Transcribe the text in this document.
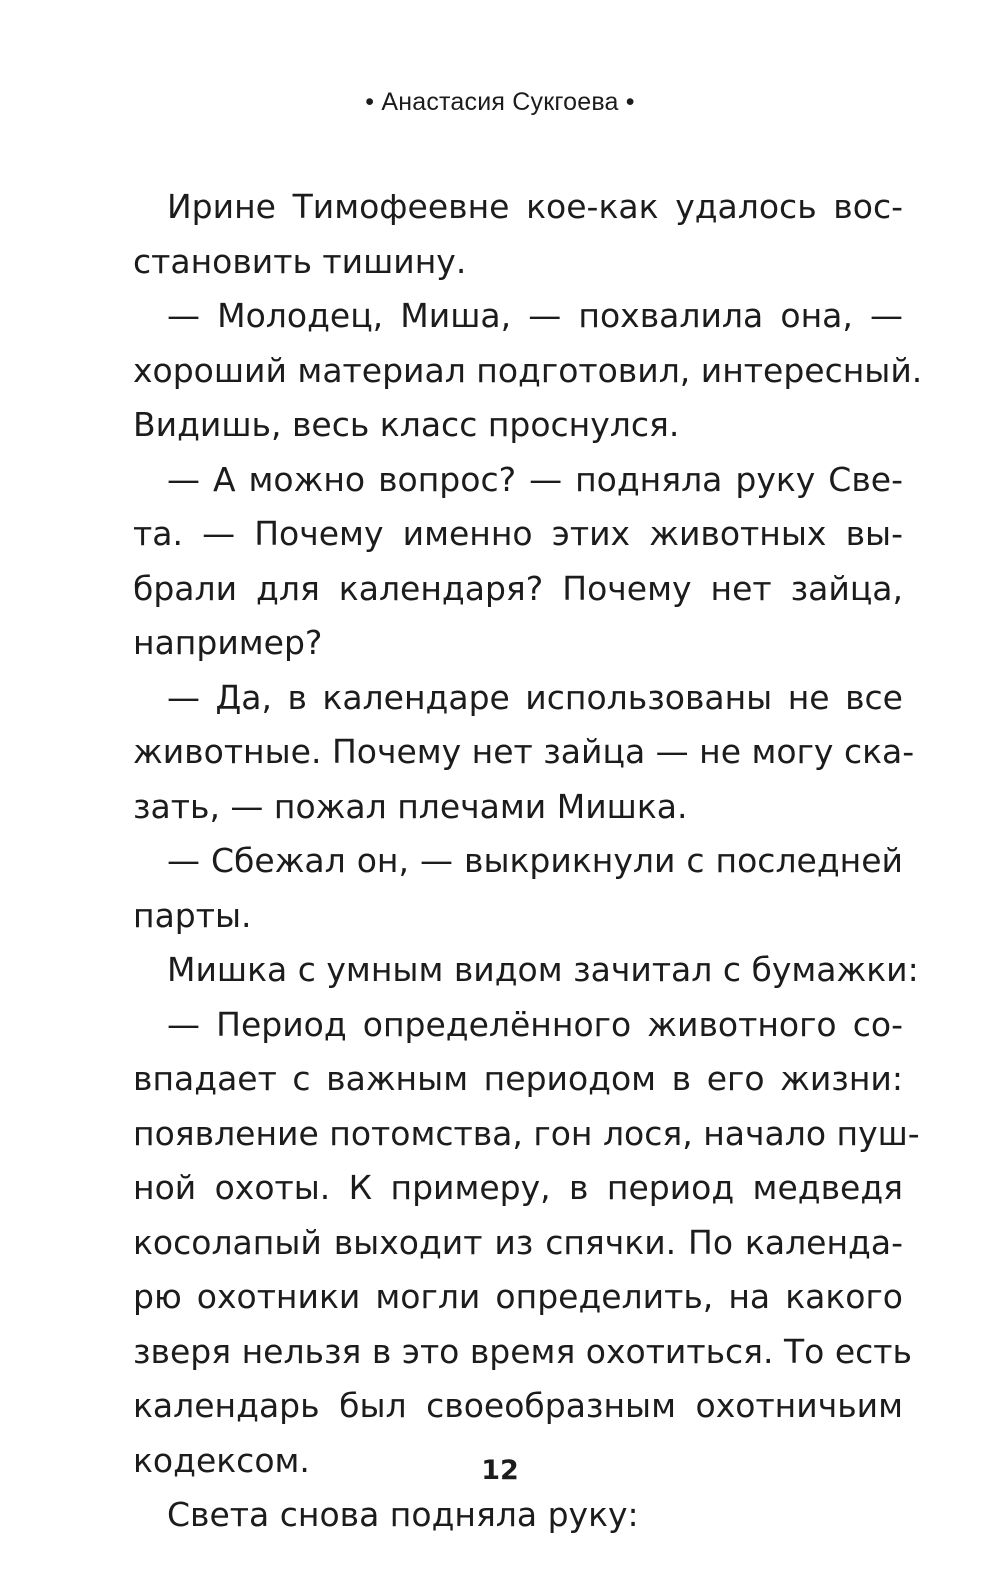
• Анастасия Сукгоева •
Ирине Тимофеевне кое-как удалось вос-
становить тишину.
— Молодец, Миша, — похвалила она, —
хороший материал подготовил, интересный.
Видишь, весь класс проснулся.
— А можно вопрос? — подняла руку Све-
та. — Почему именно этих животных вы-
брали для календаря? Почему нет зайца,
например?
— Да, в календаре использованы не все
животные. Почему нет зайца — не могу ска-
зать, — пожал плечами Мишка.
— Сбежал он, — выкрикнули с последней
парты.
Мишка с умным видом зачитал с бумажки:
— Период определённого животного со-
впадает с важным периодом в его жизни:
появление потомства, гон лося, начало пуш-
ной охоты. К примеру, в период медведя
косолапый выходит из спячки. По календа-
рю охотники могли определить, на какого
зверя нельзя в это время охотиться. То есть
календарь был своеобразным охотничьим
кодексом.
Света снова подняла руку:
12
